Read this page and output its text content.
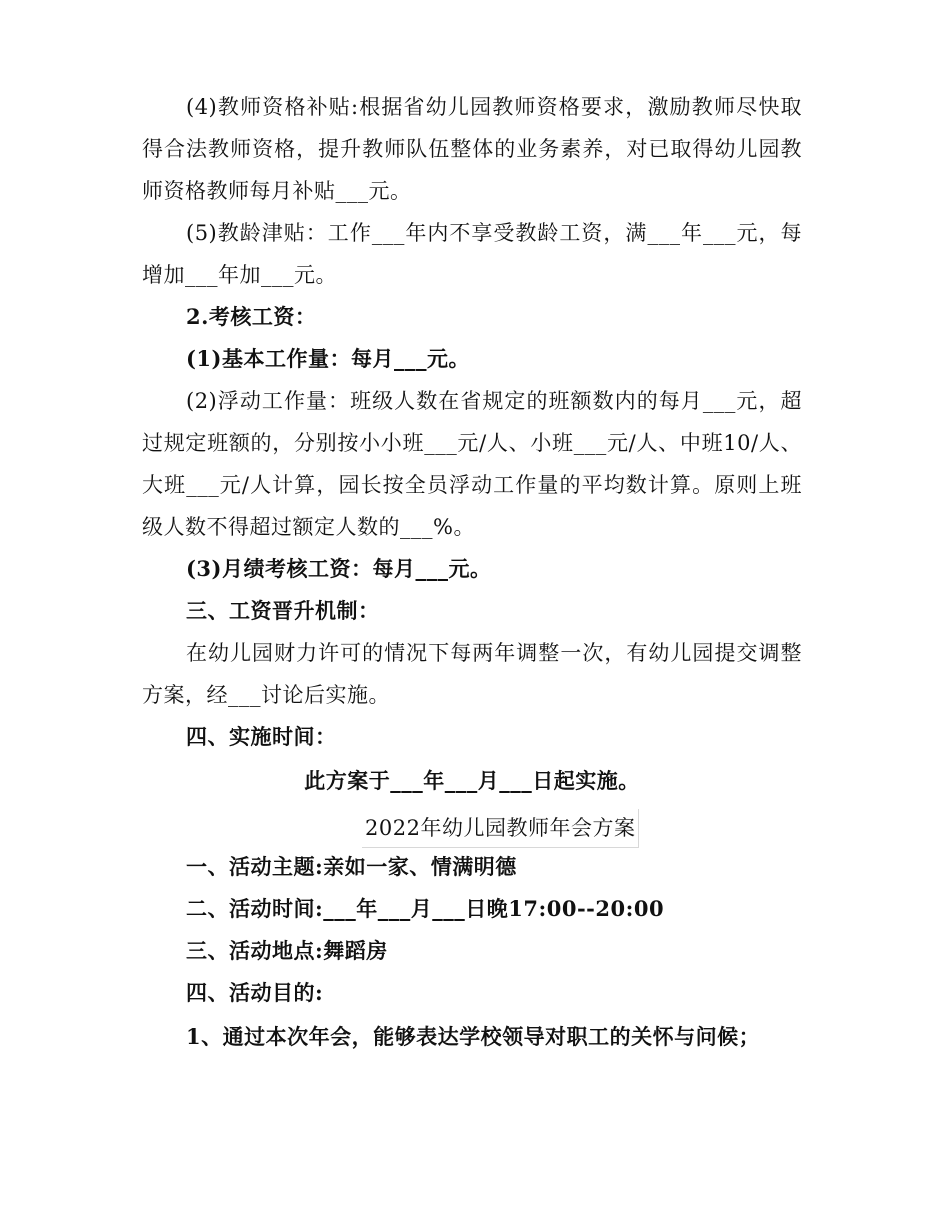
(4)教师资格补贴:根据省幼儿园教师资格要求，激励教师尽快取得合法教师资格，提升教师队伍整体的业务素养，对已取得幼儿园教师资格教师每月补贴___元。

(5)教龄津贴：工作___年内不享受教龄工资，满___年___元，每增加___年加___元。

2.考核工资：

(1)基本工作量：每月___元。

(2)浮动工作量：班级人数在省规定的班额数内的每月___元，超过规定班额的，分别按小小班___元/人、小班___元/人、中班10/人、大班___元/人计算，园长按全员浮动工作量的平均数计算。原则上班级人数不得超过额定人数的___%。

(3)月绩考核工资：每月___元。

三、工资晋升机制：

在幼儿园财力许可的情况下每两年调整一次，有幼儿园提交调整方案，经___讨论后实施。

四、实施时间：

此方案于___年___月___日起实施。

2022年幼儿园教师年会方案

一、活动主题:亲如一家、情满明德

二、活动时间:___年___月___日晚17:00--20:00

三、活动地点:舞蹈房

四、活动目的:

1、通过本次年会，能够表达学校领导对职工的关怀与问候；
